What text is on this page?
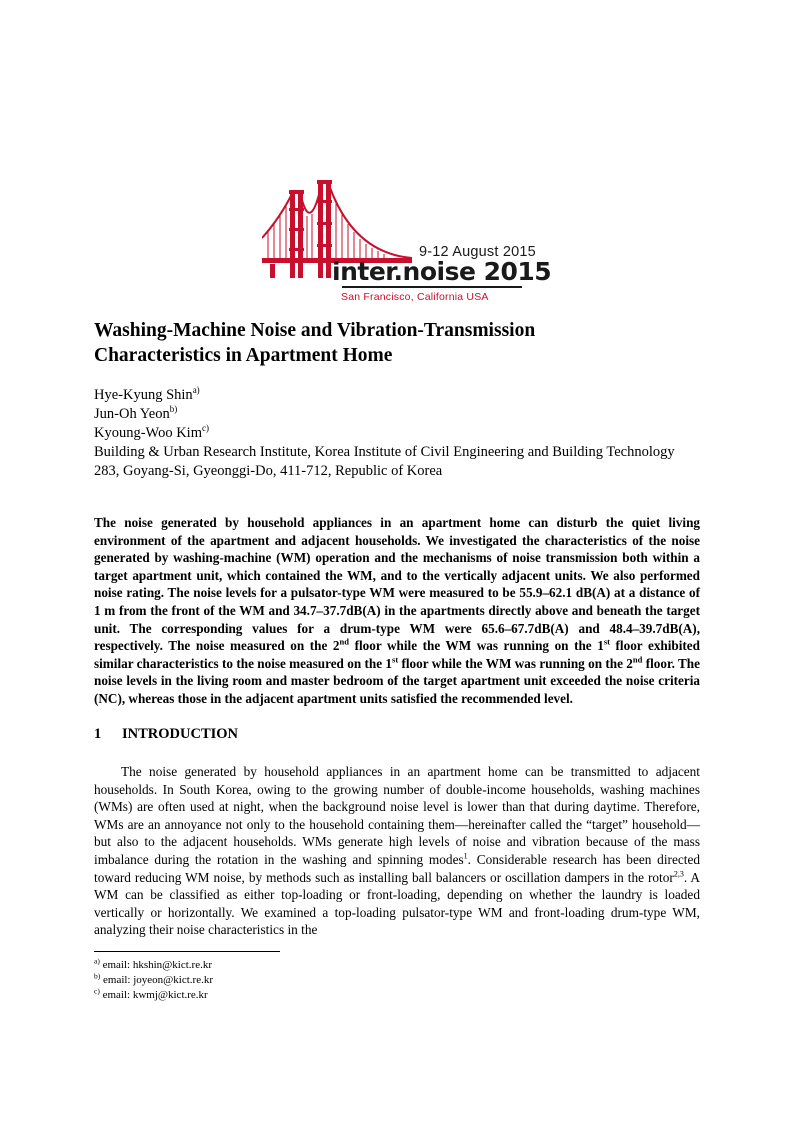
9-12 August 2015
inter.noise 2015
San Francisco, California USA
Washing-Machine Noise and Vibration-Transmission
Characteristics in Apartment Home
Hye-Kyung Shin$^{a)}$
Jun-Oh Yeon$^{b)}$
Kyoung-Woo Kim$^{c)}$
Building & Urban Research Institute, Korea Institute of Civil Engineering and Building Technology
283, Goyang-Si, Gyeonggi-Do, 411-712, Republic of Korea
The noise generated by household appliances in an apartment home can disturb the quiet living environment of the apartment and adjacent households. We investigated the characteristics of the noise generated by washing-machine (WM) operation and the mechanisms of noise transmission both within a target apartment unit, which contained the WM, and to the vertically adjacent units. We also performed noise rating. The noise levels for a pulsator-type WM were measured to be 55.9–62.1 dB(A) at a distance of 1 m from the front of the WM and 34.7–37.7dB(A) in the apartments directly above and beneath the target unit. The corresponding values for a drum-type WM were 65.6–67.7dB(A) and 48.4–39.7dB(A), respectively. The noise measured on the 2nd floor while the WM was running on the 1st floor exhibited similar characteristics to the noise measured on the 1st floor while the WM was running on the 2nd floor. The noise levels in the living room and master bedroom of the target apartment unit exceeded the noise criteria (NC), whereas those in the adjacent apartment units satisfied the recommended level.
1 INTRODUCTION
The noise generated by household appliances in an apartment home can be transmitted to adjacent households. In South Korea, owing to the growing number of double-income households, washing machines (WMs) are often used at night, when the background noise level is lower than that during daytime. Therefore, WMs are an annoyance not only to the household containing them—hereinafter called the “target” household—but also to the adjacent households. WMs generate high levels of noise and vibration because of the mass imbalance during the rotation in the washing and spinning modes$^1$. Considerable research has been directed toward reducing WM noise, by methods such as installing ball balancers or oscillation dampers in the rotor$^{2,3}$. A WM can be classified as either top-loading or front-loading, depending on whether the laundry is loaded vertically or horizontally. We examined a top-loading pulsator-type WM and front-loading drum-type WM, analyzing their noise characteristics in the
$^{a)}$ email: hkshin@kict.re.kr
$^{b)}$ email: joyeon@kict.re.kr
$^{c)}$ email: kwmj@kict.re.kr
